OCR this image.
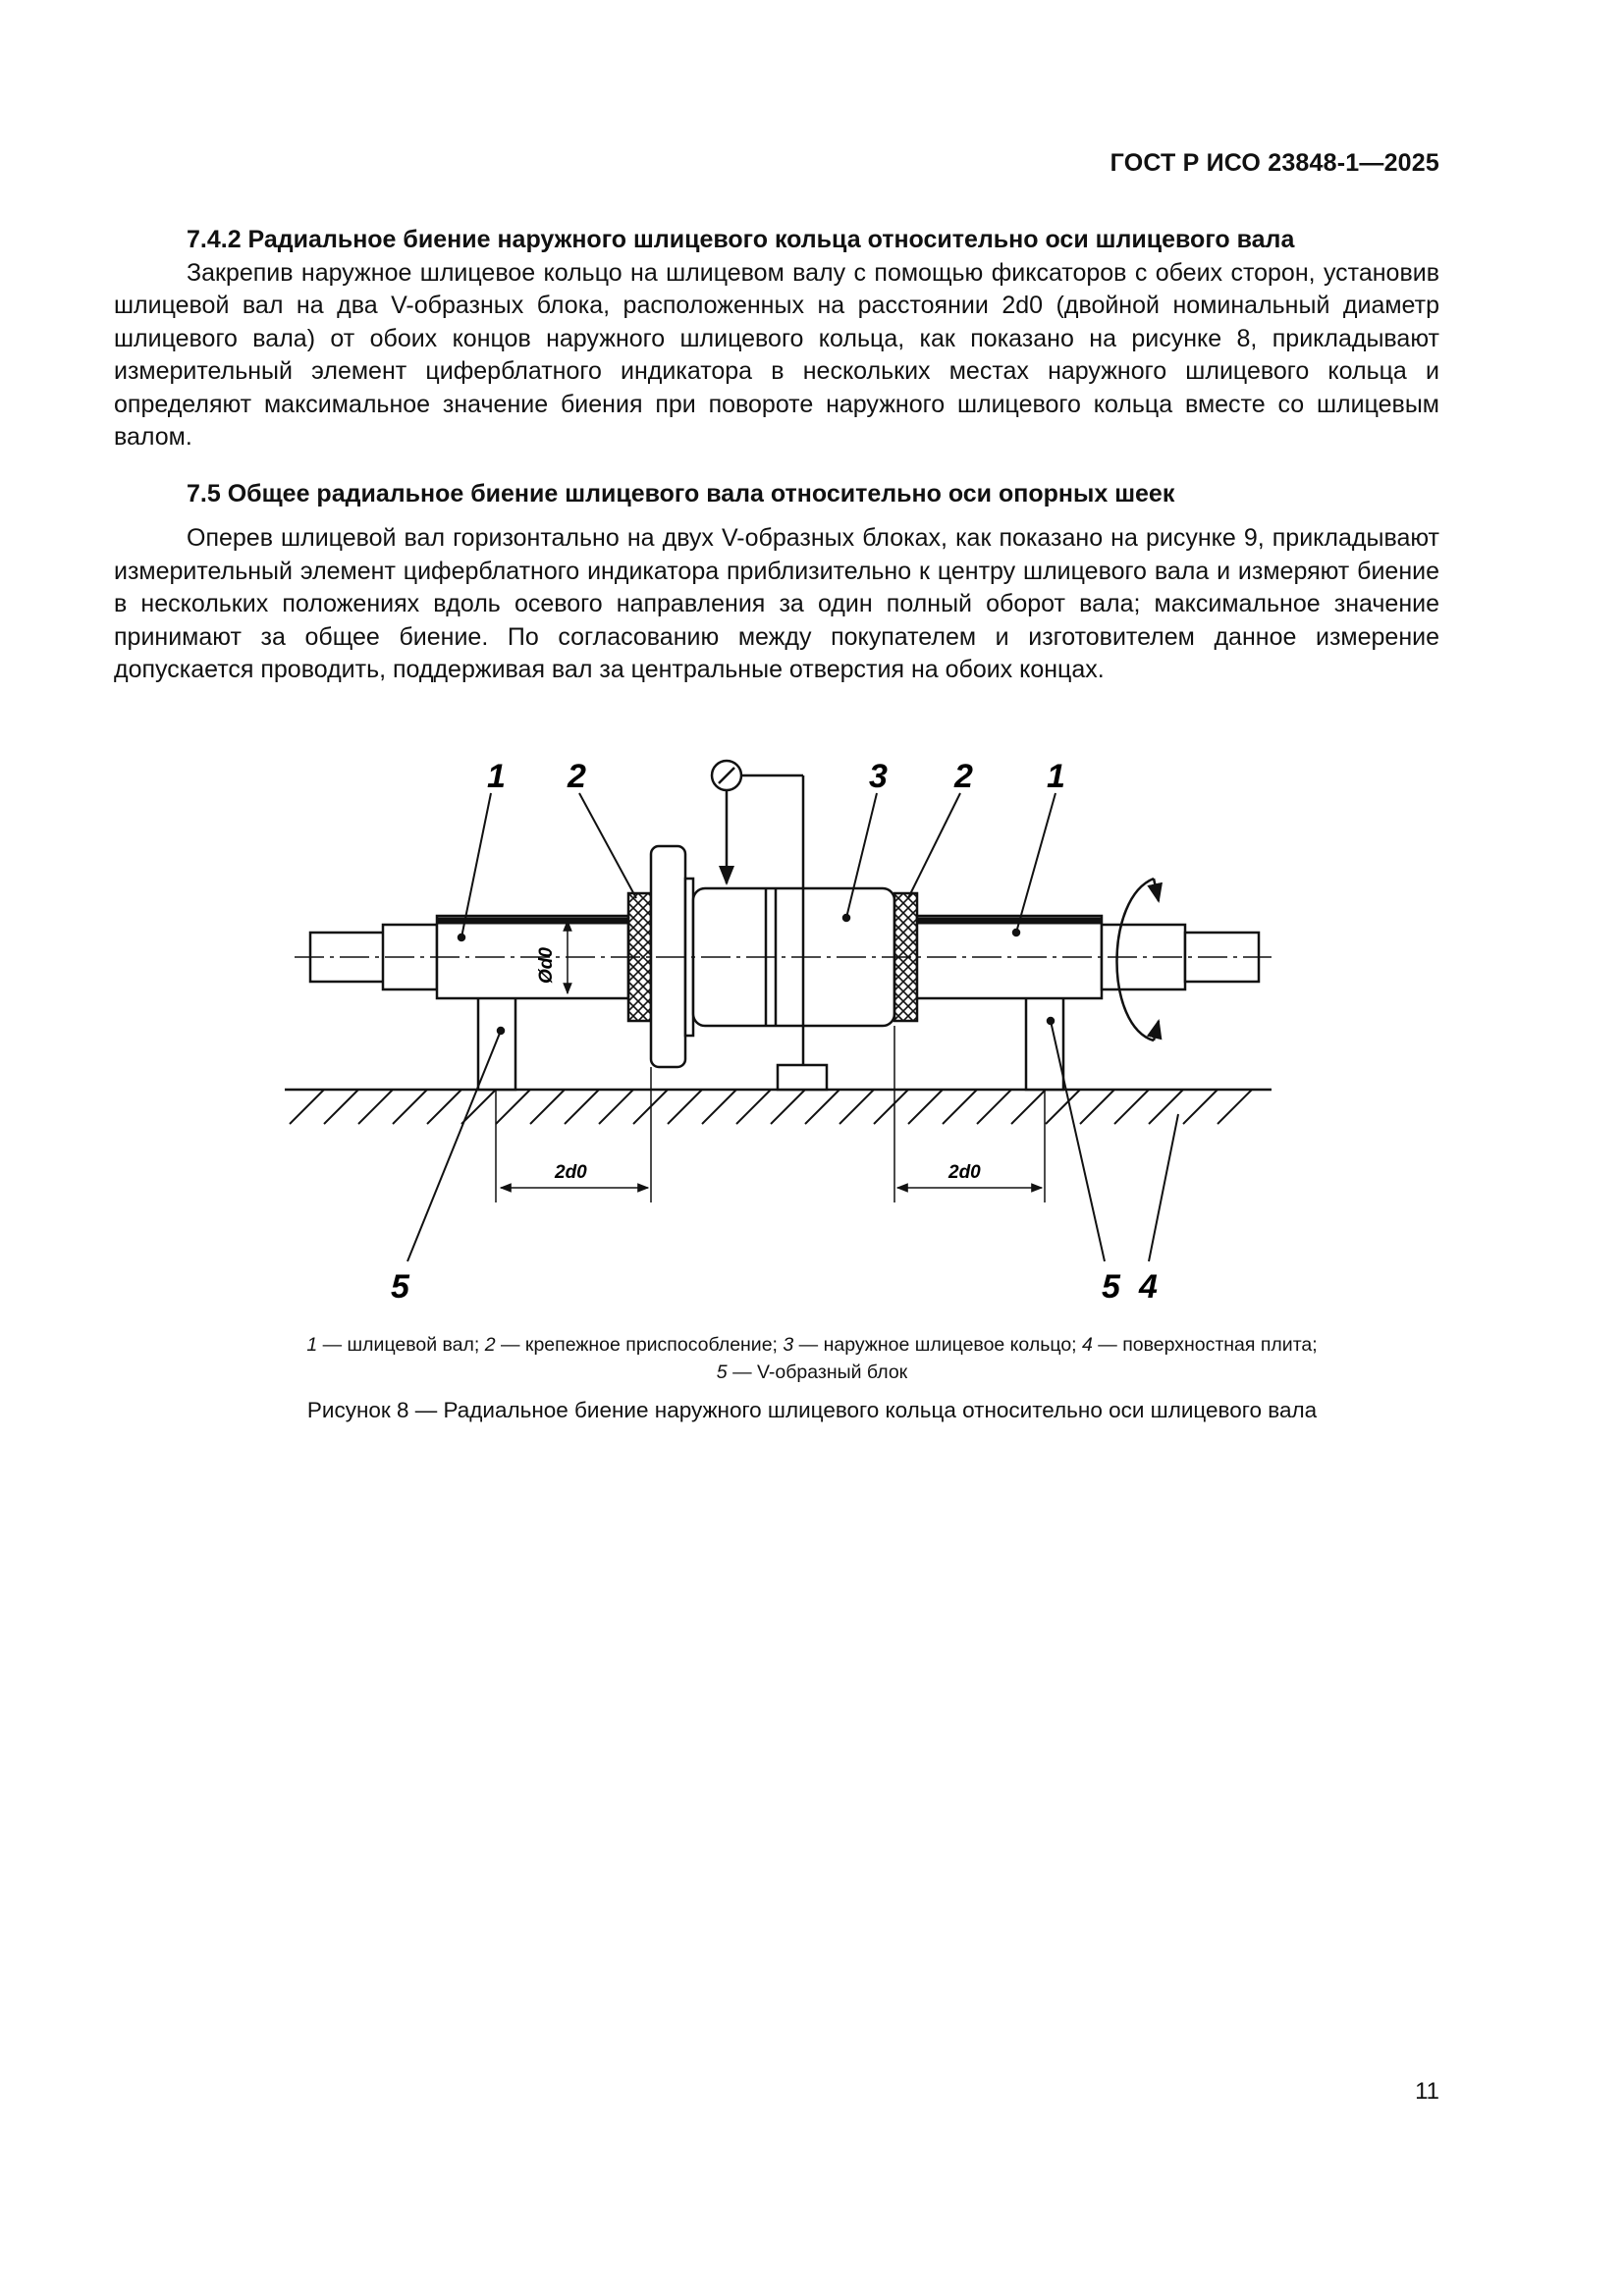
ГОСТ Р ИСО 23848-1—2025
7.4.2 Радиальное биение наружного шлицевого кольца относительно оси шлицевого вала

Закрепив наружное шлицевое кольцо на шлицевом валу с помощью фиксаторов с обеих сторон, установив шлицевой вал на два V-образных блока, расположенных на расстоянии 2d0 (двойной номинальный диаметр шлицевого вала) от обоих концов наружного шлицевого кольца, как показано на рисунке 8, прикладывают измерительный элемент циферблатного индикатора в нескольких местах наружного шлицевого кольца и определяют максимальное значение биения при повороте наружного шлицевого кольца вместе со шлицевым валом.

7.5 Общее радиальное биение шлицевого вала относительно оси опорных шеек

Оперев шлицевой вал горизонтально на двух V-образных блоках, как показано на рисунке 9, прикладывают измерительный элемент циферблатного индикатора приблизительно к центру шлицевого вала и измеряют биение в нескольких положениях вдоль осевого направления за один полный оборот вала; максимальное значение принимают за общее биение. По согласованию между покупателем и изготовителем данное измерение допускается проводить, поддерживая вал за центральные отверстия на обоих концах.

1 2	3 2 1
5	5 4
2d0	2d0
Ød0
1 — шлицевой вал; 2 — крепежное приспособление; 3 — наружное шлицевое кольцо; 4 — поверхностная плита;
5 — V-образный блок
Рисунок 8 — Радиальное биение наружного шлицевого кольца относительно оси шлицевого вала
11
